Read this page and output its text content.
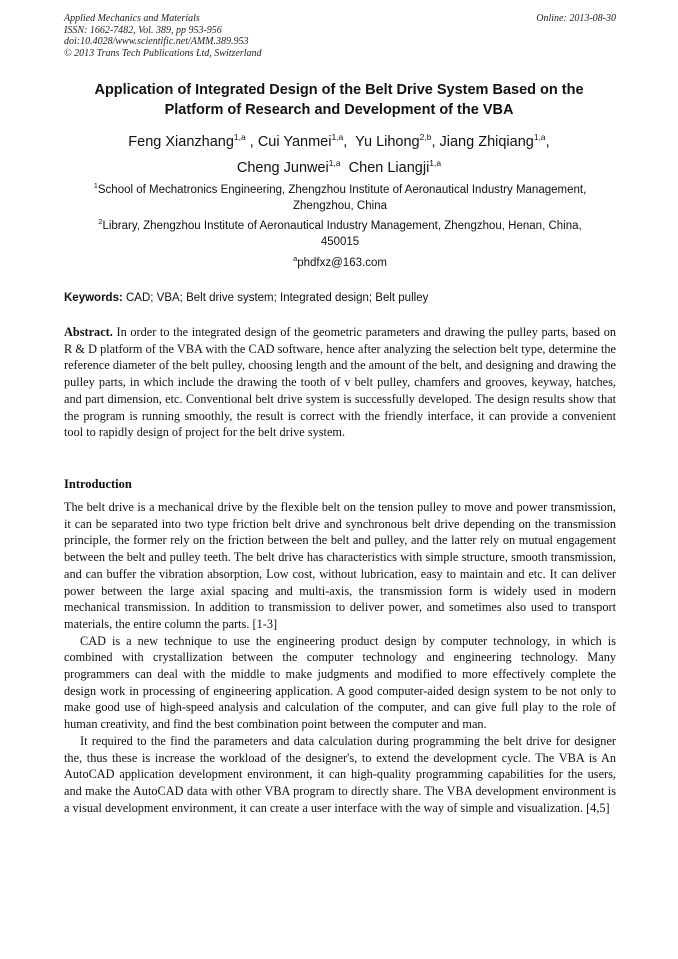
Applied Mechanics and Materials
ISSN: 1662-7482, Vol. 389, pp 953-956
doi:10.4028/www.scientific.net/AMM.389.953
© 2013 Trans Tech Publications Ltd, Switzerland
Online: 2013-08-30
Application of Integrated Design of the Belt Drive System Based on the
Platform of Research and Development of the VBA
Feng Xianzhang$^{1,a}$ , Cui Yanmei$^{1,a}$,  Yu Lihong$^{2,b}$, Jiang Zhiqiang$^{1,a}$,
Cheng Junwei$^{1,a}$ Chen Liangji$^{1,a}$
$^1$School of Mechatronics Engineering, Zhengzhou Institute of Aeronautical Industry Management,
Zhengzhou, China
$^2$Library, Zhengzhou Institute of Aeronautical Industry Management, Zhengzhou, Henan, China,
450015
$^a$phdfxz@163.com
Keywords: CAD; VBA; Belt drive system; Integrated design; Belt pulley
Abstract. In order to the integrated design of the geometric parameters and drawing the pulley parts, based on R & D platform of the VBA with the CAD software, hence after analyzing the selection belt type, determine the reference diameter of the belt pulley, choosing length and the amount of the belt, and designing and drawing the pulley parts, in which include the drawing the tooth of v belt pulley, chamfers and grooves, keyway, hatches, and part dimension, etc. Conventional belt drive system is successfully developed. The design results show that the program is running smoothly, the result is correct with the friendly interface, it can provide a convenient tool to rapidly design of project for the belt drive system.
Introduction

The belt drive is a mechanical drive by the flexible belt on the tension pulley to move and power transmission, it can be separated into two type friction belt drive and synchronous belt drive depending on the transmission principle, the former rely on the friction between the belt and pulley, and the latter rely on mutual engagement between the belt and pulley teeth. The belt drive has characteristics with simple structure, smooth transmission, and can buffer the vibration absorption, Low cost, without lubrication, easy to maintain and etc. It can deliver power between the large axial spacing and multi-axis, the transmission form is widely used in modern mechanical transmission. In addition to transmission to deliver power, and sometimes also used to transport materials, the entire column the parts. [1-3]

CAD is a new technique to use the engineering product design by computer technology, in which is combined with crystallization between the computer technology and engineering technology. Many programmers can deal with the middle to make judgments and modified to more effectively complete the design work in processing of engineering application. A good computer-aided design system to be not only to make good use of high-speed analysis and calculation of the computer, and can give full play to the role of human creativity, and find the best combination point between the computer and man.

It required to the find the parameters and data calculation during programming the belt drive for designer the, thus these is increase the workload of the designer's, to extend the development cycle. The VBA is An AutoCAD application development environment, it can high-quality programming capabilities for the users, and make the AutoCAD data with other VBA program to directly share. The VBA development environment is a visual development environment, it can create a user interface with the way of simple and visualization. [4,5]
